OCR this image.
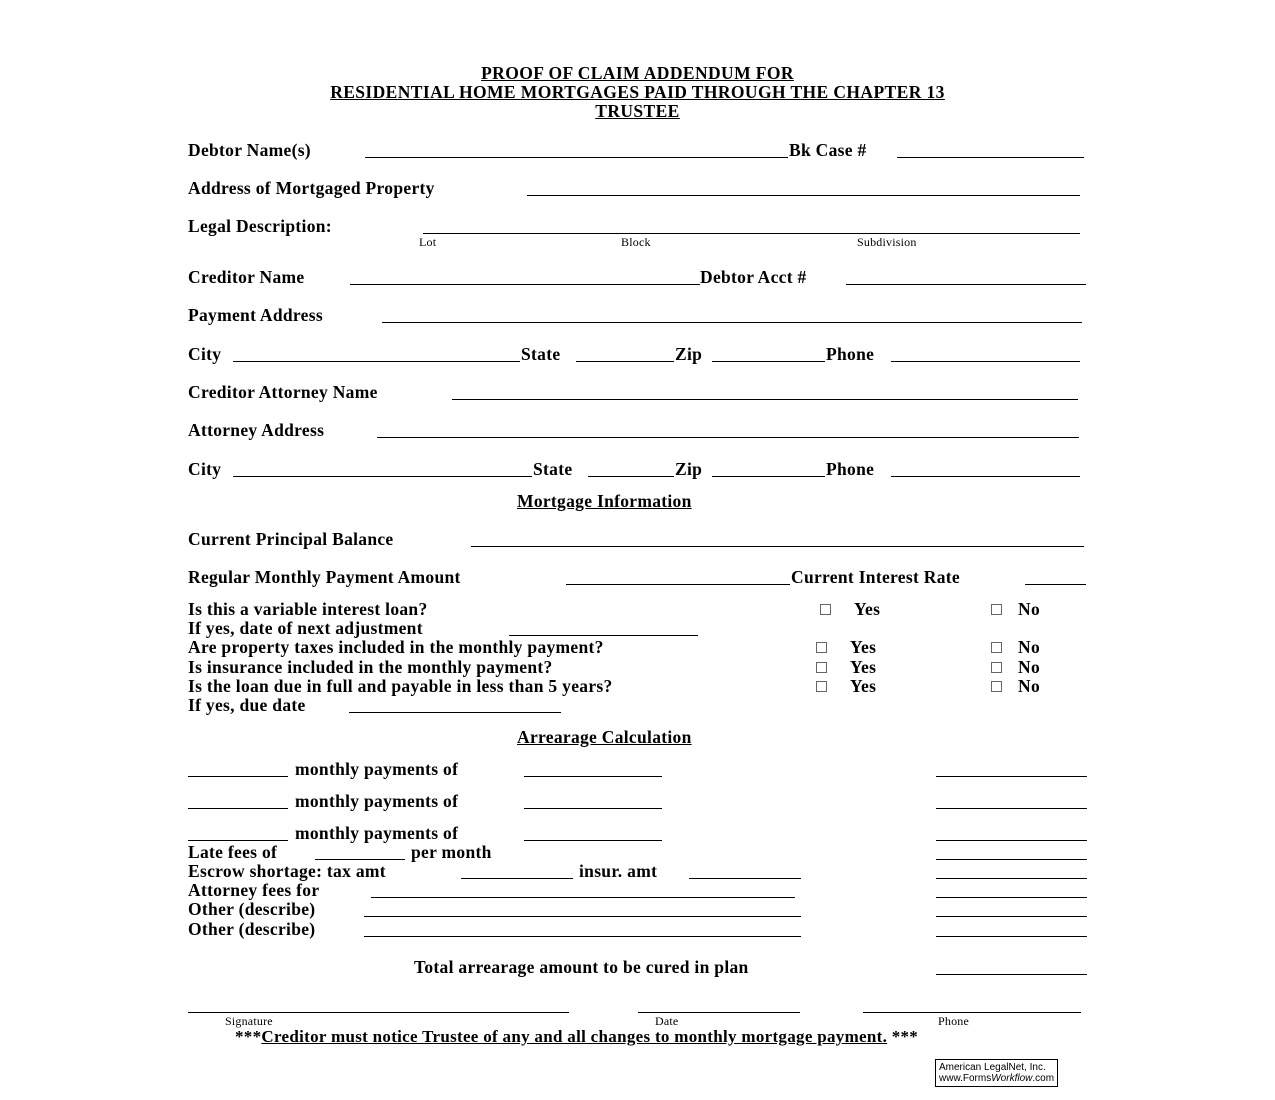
PROOF OF CLAIM ADDENDUM FOR
RESIDENTIAL HOME MORTGAGES PAID THROUGH THE CHAPTER 13
TRUSTEE
Debtor Name(s)	Bk Case #
Address of Mortgaged Property
Legal Description:
Lot	Block	Subdivision
Creditor Name	Debtor Acct #
Payment Address
City	State	Zip	Phone
Creditor Attorney Name
Attorney Address
City	State	Zip	Phone
Mortgage Information
Current Principal Balance
Regular Monthly Payment Amount	Current Interest Rate
Is this a variable interest loan?	Yes	No
If yes, date of next adjustment
Are property taxes included in the monthly payment?	Yes	No
Is insurance included in the monthly payment?	Yes	No
Is the loan due in full and payable in less than 5 years?	Yes	No
If yes, due date
Arrearage Calculation
monthly payments of
monthly payments of
monthly payments of
Late fees of	per month
Escrow shortage: tax amt	insur. amt
Attorney fees for
Other (describe)
Other (describe)
Total arrearage amount to be cured in plan
Signature	Date	Phone
***Creditor must notice Trustee of any and all changes to monthly mortgage payment. ***
American LegalNet, Inc.
www.FormsWorkflow.com
